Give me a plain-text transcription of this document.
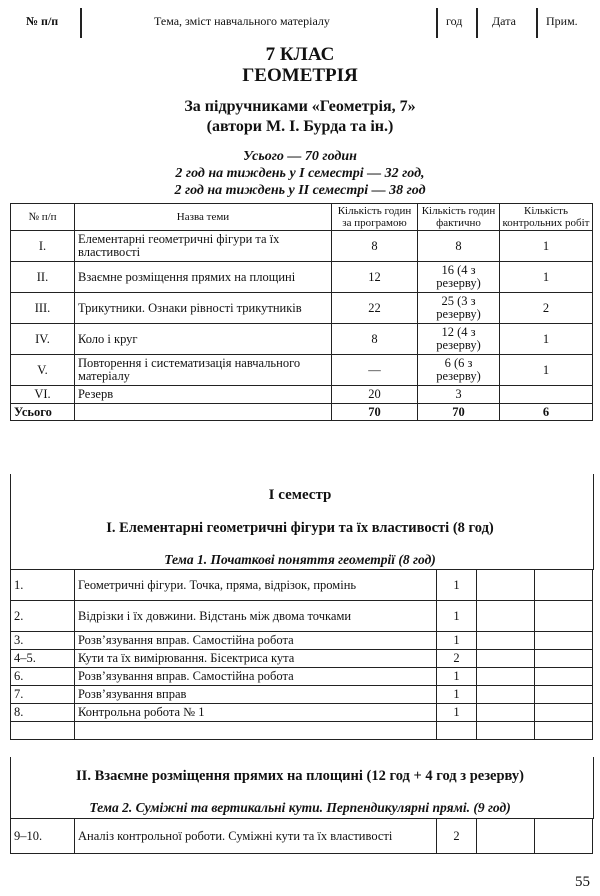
№ п/п	Тема, зміст навчального матеріалу	год Дата	Прим.
7 КЛАС
ГЕОМЕТРІЯ
За підручниками «Геометрія, 7»
(автори М. І. Бурда та ін.)
Усього — 70 годин
2 год на тиждень у І семестрі — 32 год,
2 год на тиждень у ІІ семестрі — 38 год
№ п/п	Назва теми	Кількість годин за програмою	Кількість годин фактично	Кількість контрольних робіт
І.	Елементарні геометричні фігури та їх властивості	8	8	1
ІІ.	Взаємне розміщення прямих на площині	12	16 (4 з резерву)	1
ІІІ.	Трикутники. Ознаки рівності трикутників	22	25 (3 з резерву)	2
IV.	Коло і круг	8	12 (4 з резерву)	1
V.	Повторення і систематизація навчального матеріалу	—	6 (6 з резерву)	1
VI.	Резерв	20	3	
Усього		70	70	6
І семестр
І. Елементарні геометричні фігури та їх властивості (8 год)
Тема 1. Початкові поняття геометрії (8 год)
1.	Геометричні фігури. Точка, пряма, відрізок, промінь	1		
2.	Відрізки і їх довжини. Відстань між двома точками	1		
3.	Розв’язування вправ. Самостійна робота	1		
4–5.	Кути та їх вимірювання. Бісектриса кута	2		
6.	Розв’язування вправ. Самостійна робота	1		
7.	Розв’язування вправ	1		
8.	Контрольна робота № 1	1		

ІІ. Взаємне розміщення прямих на площині (12 год + 4 год з резерву)
Тема 2. Суміжні та вертикальні кути. Перпендикулярні прямі. (9 год)
9–10.	Аналіз контрольної роботи. Суміжні кути та їх властивості	2		
55
